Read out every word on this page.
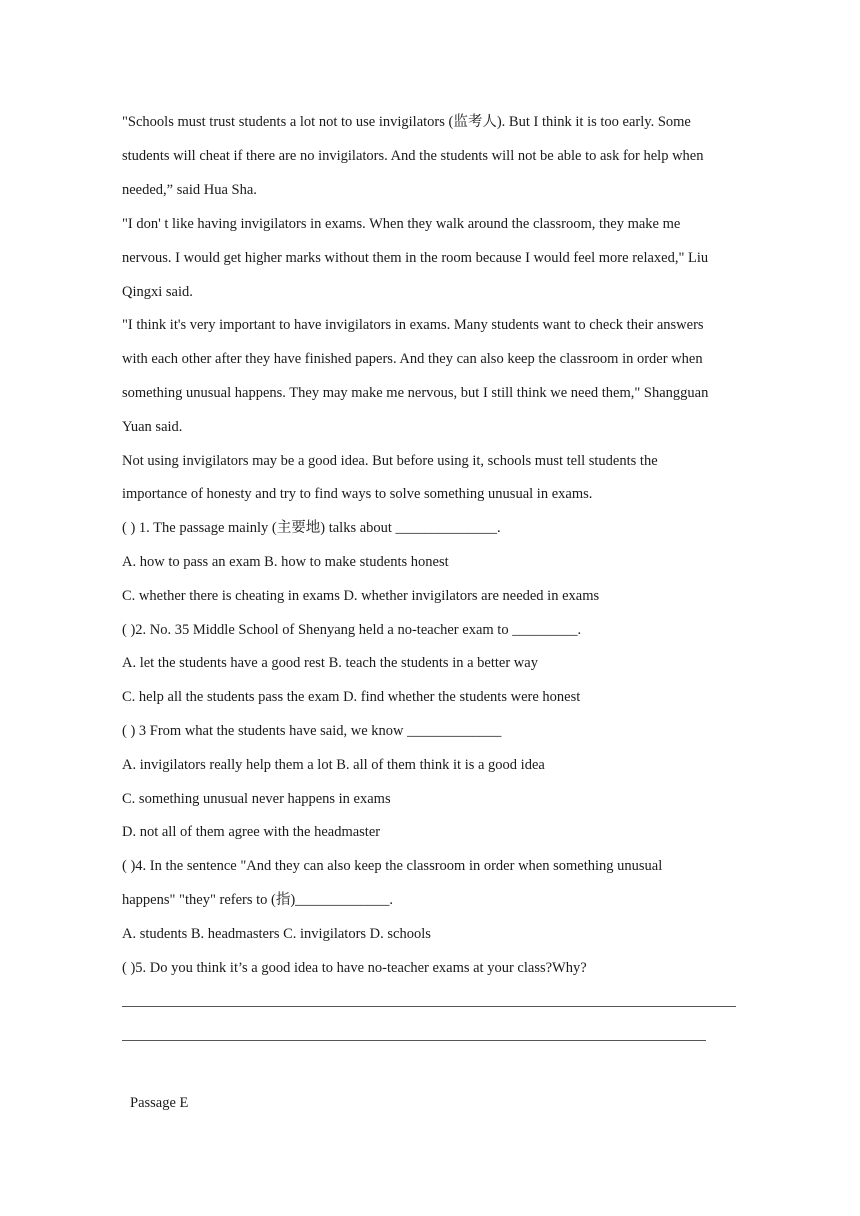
"Schools must trust students a lot not to use invigilators (监考人). But I think it is too early. Some
students will cheat if there are no invigilators. And the students will not be able to ask for help when
needed,” said Hua Sha.
"I don' t like having invigilators in exams. When they walk around the classroom, they make me
nervous. I would get higher marks without them in the room because I would feel more relaxed," Liu
Qingxi said.
"I think it's very important to have invigilators in exams. Many students want to check their answers
with each other after they have finished papers. And they can also keep the classroom in order when
something unusual happens. They may make me nervous, but I still think we need them," Shangguan
Yuan said.
Not using invigilators may be a good idea. But before using it, schools must tell students the
importance of honesty and try to find ways to solve something unusual in exams.
( ) 1. The passage mainly (主要地) talks about ______________.
A. how to pass an exam B. how to make students honest
C. whether there is cheating in exams D. whether invigilators are needed in exams
( )2. No. 35 Middle School of Shenyang held a no-teacher exam to _________.
A. let the students have a good rest B. teach the students in a better way
C. help all the students pass the exam D. find whether the students were honest
( ) 3 From what the students have said, we know _____________
A. invigilators really help them a lot B. all of them think it is a good idea
C. something unusual never happens in exams
D. not all of them agree with the headmaster
( )4. In the sentence "And they can also keep the classroom in order when something unusual
happens" "they" refers to (指)_____________.
A. students B. headmasters C. invigilators D. schools
( )5. Do you think it’s a good idea to have no-teacher exams at your class?Why?
Passage E
